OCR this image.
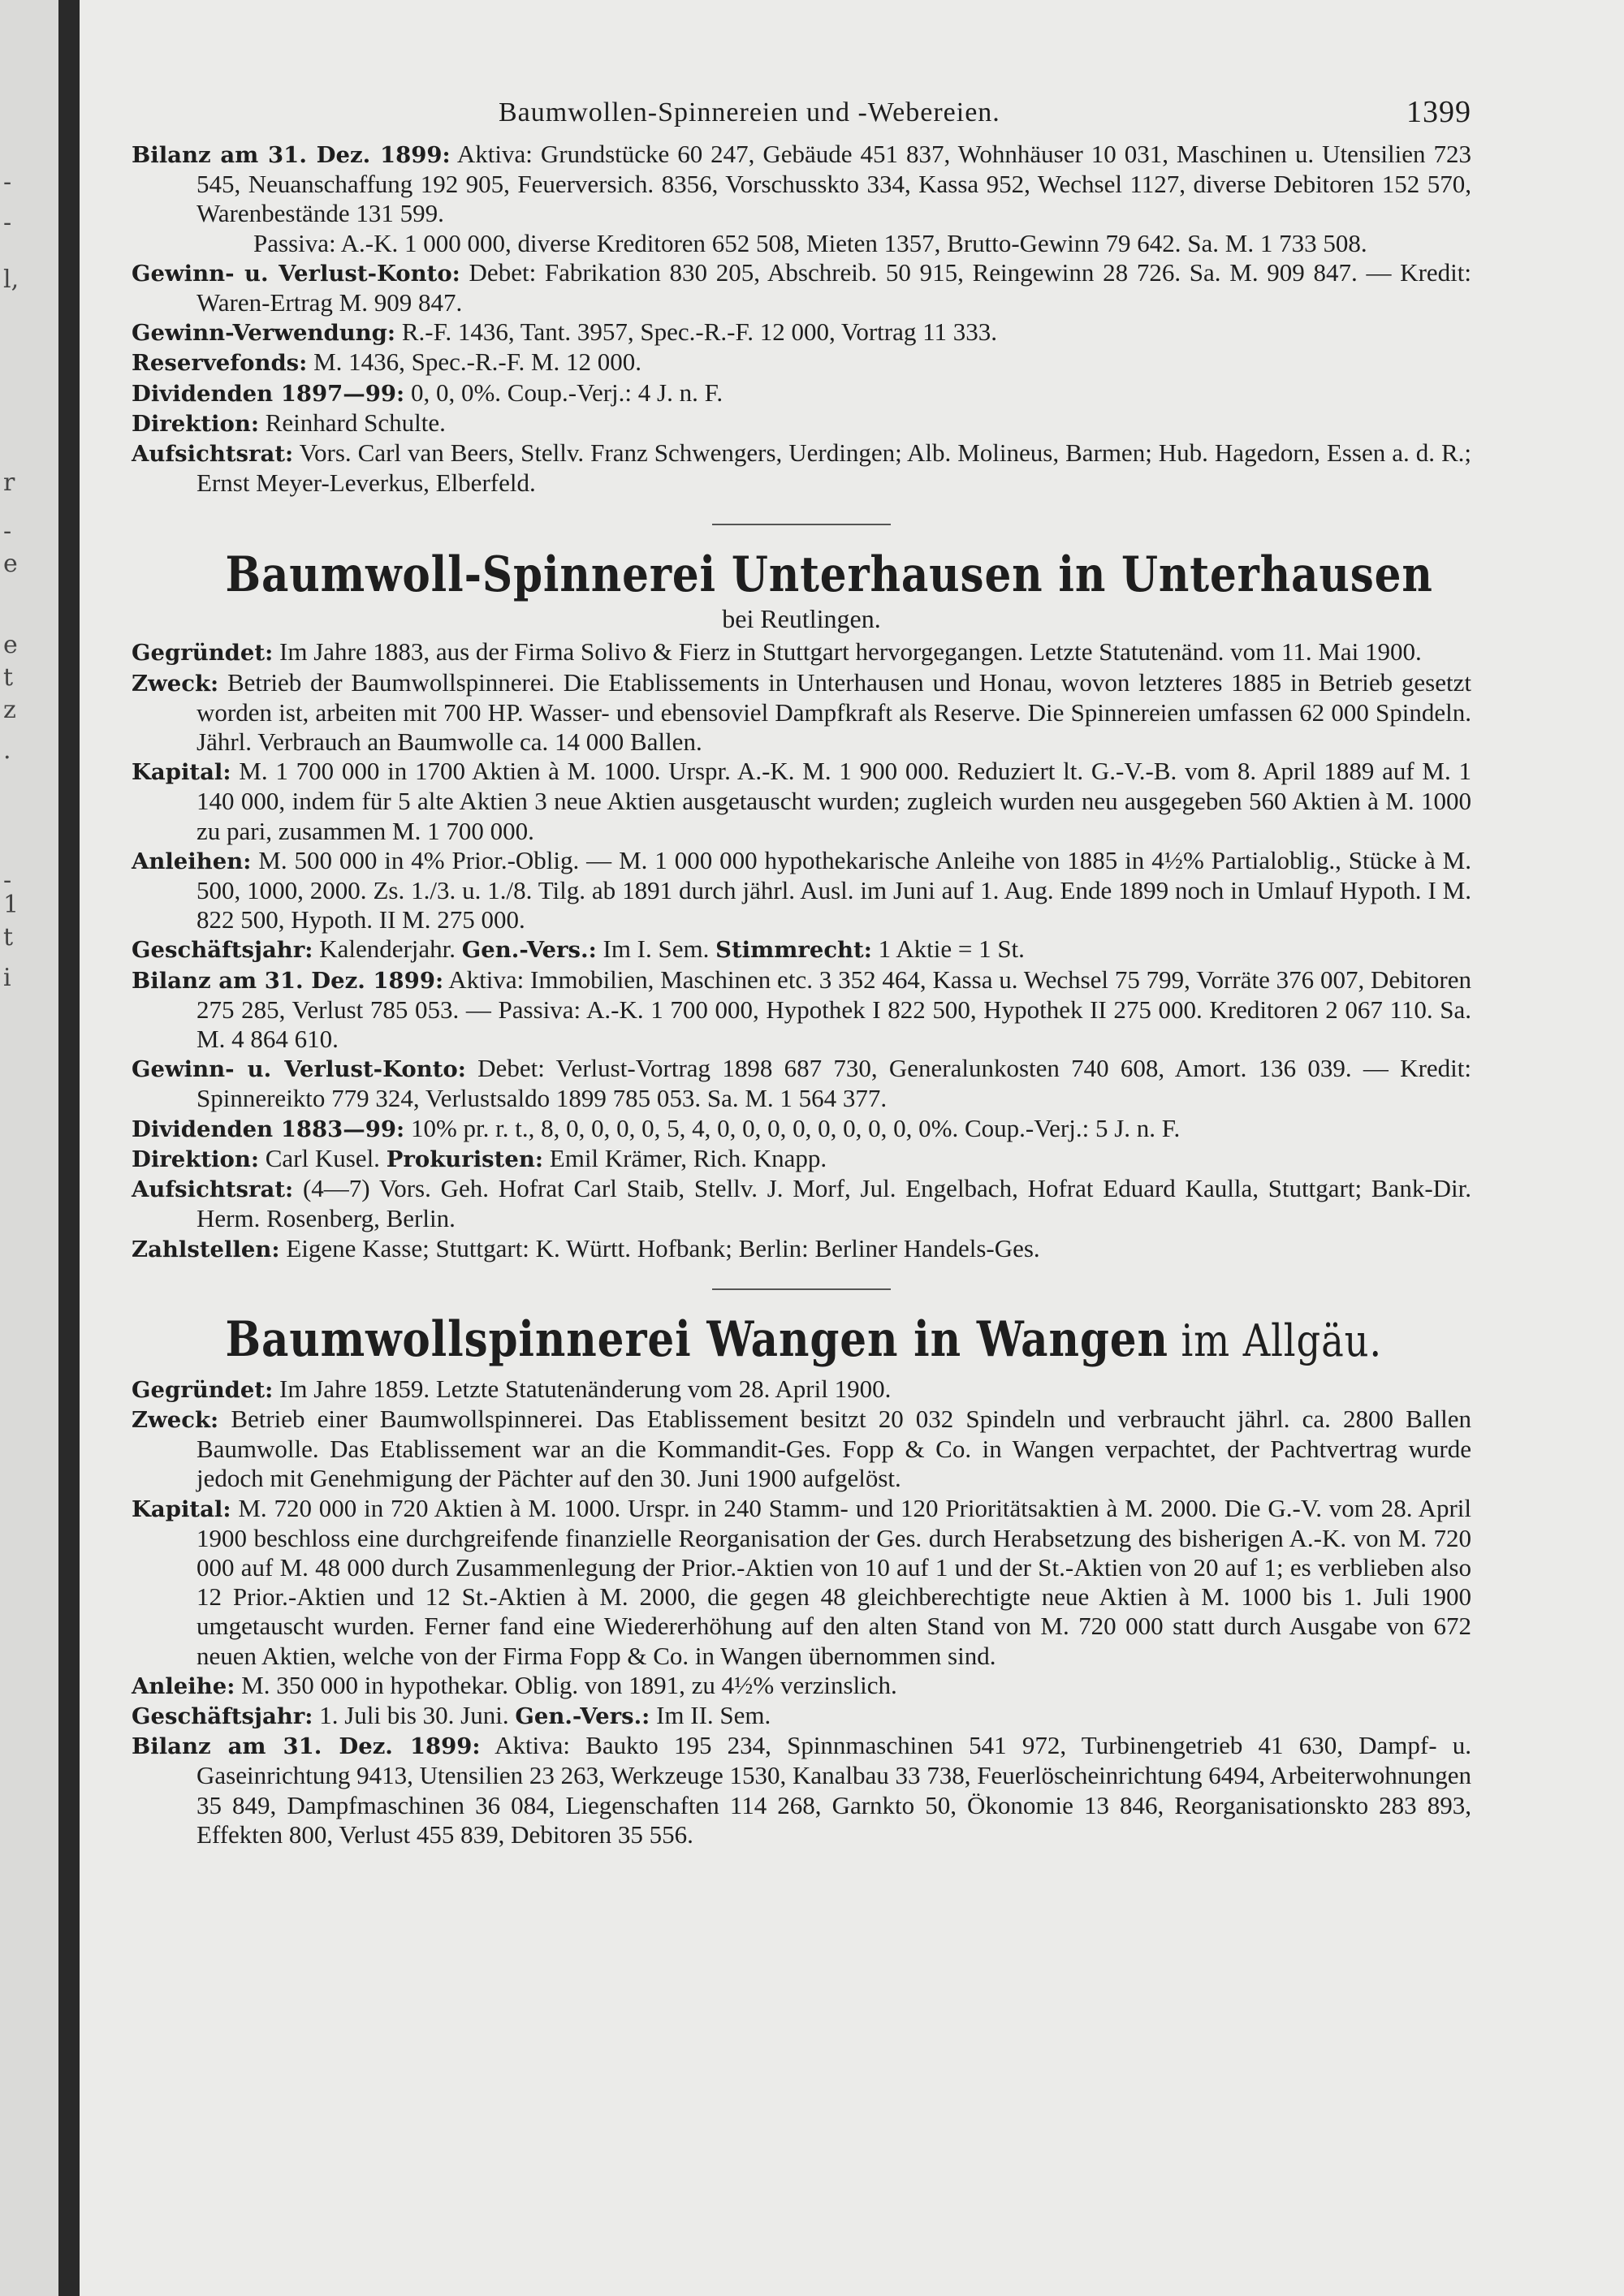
-
-
l,
r
-
e
e
t
z
.
-
1
t
i
Baumwollen-Spinnereien und -Webereien.	1399

Bilanz am 31. Dez. 1899: Aktiva: Grundstücke 60 247, Gebäude 451 837, Wohnhäuser 10 031, Maschinen u. Utensilien 723 545, Neuanschaffung 192 905, Feuerversich. 8356, Vorschusskto 334, Kassa 952, Wechsel 1127, diverse Debitoren 152 570, Warenbestände 131 599.

Passiva: A.-K. 1 000 000, diverse Kreditoren 652 508, Mieten 1357, Brutto-Gewinn 79 642. Sa. M. 1 733 508.

Gewinn- u. Verlust-Konto: Debet: Fabrikation 830 205, Abschreib. 50 915, Reingewinn 28 726. Sa. M. 909 847. — Kredit: Waren-Ertrag M. 909 847.

Gewinn-Verwendung: R.-F. 1436, Tant. 3957, Spec.-R.-F. 12 000, Vortrag 11 333.

Reservefonds: M. 1436, Spec.-R.-F. M. 12 000.

Dividenden 1897—99: 0, 0, 0%. Coup.-Verj.: 4 J. n. F.

Direktion: Reinhard Schulte.

Aufsichtsrat: Vors. Carl van Beers, Stellv. Franz Schwengers, Uerdingen; Alb. Molineus, Barmen; Hub. Hagedorn, Essen a. d. R.; Ernst Meyer-Leverkus, Elberfeld.

Baumwoll-Spinnerei Unterhausen in Unterhausen

bei Reutlingen.

Gegründet: Im Jahre 1883, aus der Firma Solivo & Fierz in Stuttgart hervorgegangen. Letzte Statutenänd. vom 11. Mai 1900.

Zweck: Betrieb der Baumwollspinnerei. Die Etablissements in Unterhausen und Honau, wovon letzteres 1885 in Betrieb gesetzt worden ist, arbeiten mit 700 HP. Wasser- und ebensoviel Dampfkraft als Reserve. Die Spinnereien umfassen 62 000 Spindeln. Jährl. Verbrauch an Baumwolle ca. 14 000 Ballen.

Kapital: M. 1 700 000 in 1700 Aktien à M. 1000. Urspr. A.-K. M. 1 900 000. Reduziert lt. G.-V.-B. vom 8. April 1889 auf M. 1 140 000, indem für 5 alte Aktien 3 neue Aktien ausgetauscht wurden; zugleich wurden neu ausgegeben 560 Aktien à M. 1000 zu pari, zusammen M. 1 700 000.

Anleihen: M. 500 000 in 4% Prior.-Oblig. — M. 1 000 000 hypothekarische Anleihe von 1885 in 4½% Partialoblig., Stücke à M. 500, 1000, 2000. Zs. 1./3. u. 1./8. Tilg. ab 1891 durch jährl. Ausl. im Juni auf 1. Aug. Ende 1899 noch in Umlauf Hypoth. I M. 822 500, Hypoth. II M. 275 000.

Geschäftsjahr: Kalenderjahr. Gen.-Vers.: Im I. Sem. Stimmrecht: 1 Aktie = 1 St.

Bilanz am 31. Dez. 1899: Aktiva: Immobilien, Maschinen etc. 3 352 464, Kassa u. Wechsel 75 799, Vorräte 376 007, Debitoren 275 285, Verlust 785 053. — Passiva: A.-K. 1 700 000, Hypothek I 822 500, Hypothek II 275 000. Kreditoren 2 067 110. Sa. M. 4 864 610.

Gewinn- u. Verlust-Konto: Debet: Verlust-Vortrag 1898 687 730, Generalunkosten 740 608, Amort. 136 039. — Kredit: Spinnereikto 779 324, Verlustsaldo 1899 785 053. Sa. M. 1 564 377.

Dividenden 1883—99: 10% pr. r. t., 8, 0, 0, 0, 0, 5, 4, 0, 0, 0, 0, 0, 0, 0, 0, 0%. Coup.-Verj.: 5 J. n. F.

Direktion: Carl Kusel. Prokuristen: Emil Krämer, Rich. Knapp.

Aufsichtsrat: (4—7) Vors. Geh. Hofrat Carl Staib, Stellv. J. Morf, Jul. Engelbach, Hofrat Eduard Kaulla, Stuttgart; Bank-Dir. Herm. Rosenberg, Berlin.

Zahlstellen: Eigene Kasse; Stuttgart: K. Württ. Hofbank; Berlin: Berliner Handels-Ges.

Baumwollspinnerei Wangen in Wangen im Allgäu.

Gegründet: Im Jahre 1859. Letzte Statutenänderung vom 28. April 1900.

Zweck: Betrieb einer Baumwollspinnerei. Das Etablissement besitzt 20 032 Spindeln und verbraucht jährl. ca. 2800 Ballen Baumwolle. Das Etablissement war an die Kommandit-Ges. Fopp & Co. in Wangen verpachtet, der Pachtvertrag wurde jedoch mit Genehmigung der Pächter auf den 30. Juni 1900 aufgelöst.

Kapital: M. 720 000 in 720 Aktien à M. 1000. Urspr. in 240 Stamm- und 120 Prioritätsaktien à M. 2000. Die G.-V. vom 28. April 1900 beschloss eine durchgreifende finanzielle Reorganisation der Ges. durch Herabsetzung des bisherigen A.-K. von M. 720 000 auf M. 48 000 durch Zusammenlegung der Prior.-Aktien von 10 auf 1 und der St.-Aktien von 20 auf 1; es verblieben also 12 Prior.-Aktien und 12 St.-Aktien à M. 2000, die gegen 48 gleichberechtigte neue Aktien à M. 1000 bis 1. Juli 1900 umgetauscht wurden. Ferner fand eine Wiedererhöhung auf den alten Stand von M. 720 000 statt durch Ausgabe von 672 neuen Aktien, welche von der Firma Fopp & Co. in Wangen übernommen sind.

Anleihe: M. 350 000 in hypothekar. Oblig. von 1891, zu 4½% verzinslich.

Geschäftsjahr: 1. Juli bis 30. Juni. Gen.-Vers.: Im II. Sem.

Bilanz am 31. Dez. 1899: Aktiva: Baukto 195 234, Spinnmaschinen 541 972, Turbinengetrieb 41 630, Dampf- u. Gaseinrichtung 9413, Utensilien 23 263, Werkzeuge 1530, Kanalbau 33 738, Feuerlöscheinrichtung 6494, Arbeiterwohnungen 35 849, Dampfmaschinen 36 084, Liegenschaften 114 268, Garnkto 50, Ökonomie 13 846, Reorganisationskto 283 893, Effekten 800, Verlust 455 839, Debitoren 35 556.
